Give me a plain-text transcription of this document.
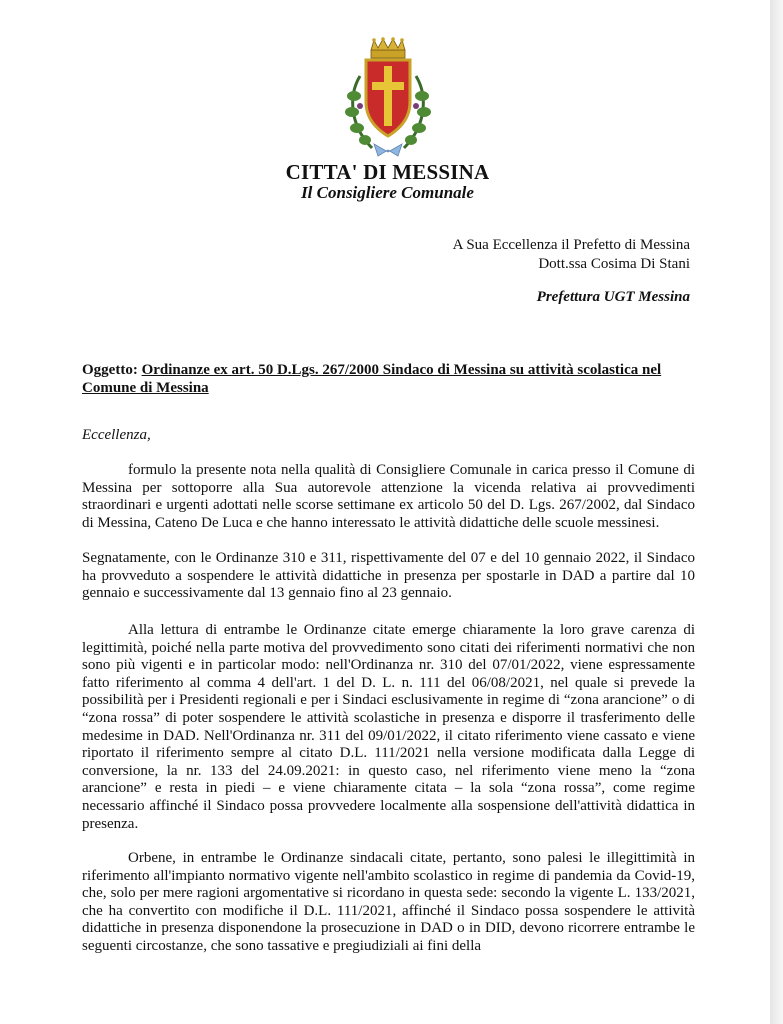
CITTA' DI MESSINA
Il Consigliere Comunale
A Sua Eccellenza il Prefetto di Messina
Dott.ssa Cosima Di Stani
Prefettura UGT Messina
Oggetto: Ordinanze ex art. 50 D.Lgs. 267/2000 Sindaco di Messina su attività scolastica nel Comune di Messina
Eccellenza,

formulo la presente nota nella qualità di Consigliere Comunale in carica presso il Comune di Messina per sottoporre alla Sua autorevole attenzione la vicenda relativa ai provvedimenti straordinari e urgenti adottati nelle scorse settimane ex articolo 50 del D. Lgs. 267/2002, dal Sindaco di Messina, Cateno De Luca e che hanno interessato le attività didattiche delle scuole messinesi.

Segnatamente, con le Ordinanze 310 e 311, rispettivamente del 07 e del 10 gennaio 2022, il Sindaco ha provveduto a sospendere le attività didattiche in presenza per spostarle in DAD a partire dal 10 gennaio e successivamente dal 13 gennaio fino al 23 gennaio.

Alla lettura di entrambe le Ordinanze citate emerge chiaramente la loro grave carenza di legittimità, poiché nella parte motiva del provvedimento sono citati dei riferimenti normativi che non sono più vigenti e in particolar modo: nell'Ordinanza nr. 310 del 07/01/2022, viene espressamente fatto riferimento al comma 4 dell'art. 1 del D. L. n. 111 del 06/08/2021, nel quale si prevede la possibilità per i Presidenti regionali e per i Sindaci esclusivamente in regime di “zona arancione” o di “zona rossa” di poter sospendere le attività scolastiche in presenza e disporre il trasferimento delle medesime in DAD. Nell'Ordinanza nr. 311 del 09/01/2022, il citato riferimento viene cassato e viene riportato il riferimento sempre al citato D.L. 111/2021 nella versione modificata dalla Legge di conversione, la nr. 133 del 24.09.2021: in questo caso, nel riferimento viene meno la “zona arancione” e resta in piedi – e viene chiaramente citata – la sola “zona rossa”, come regime necessario affinché il Sindaco possa provvedere localmente alla sospensione dell'attività didattica in presenza.

Orbene, in entrambe le Ordinanze sindacali citate, pertanto, sono palesi le illegittimità in riferimento all'impianto normativo vigente nell'ambito scolastico in regime di pandemia da Covid-19, che, solo per mere ragioni argomentative si ricordano in questa sede: secondo la vigente L. 133/2021, che ha convertito con modifiche il D.L. 111/2021, affinché il Sindaco possa sospendere le attività didattiche in presenza disponendone la prosecuzione in DAD o in DID, devono ricorrere entrambe le seguenti circostanze, che sono tassative e pregiudiziali ai fini della
